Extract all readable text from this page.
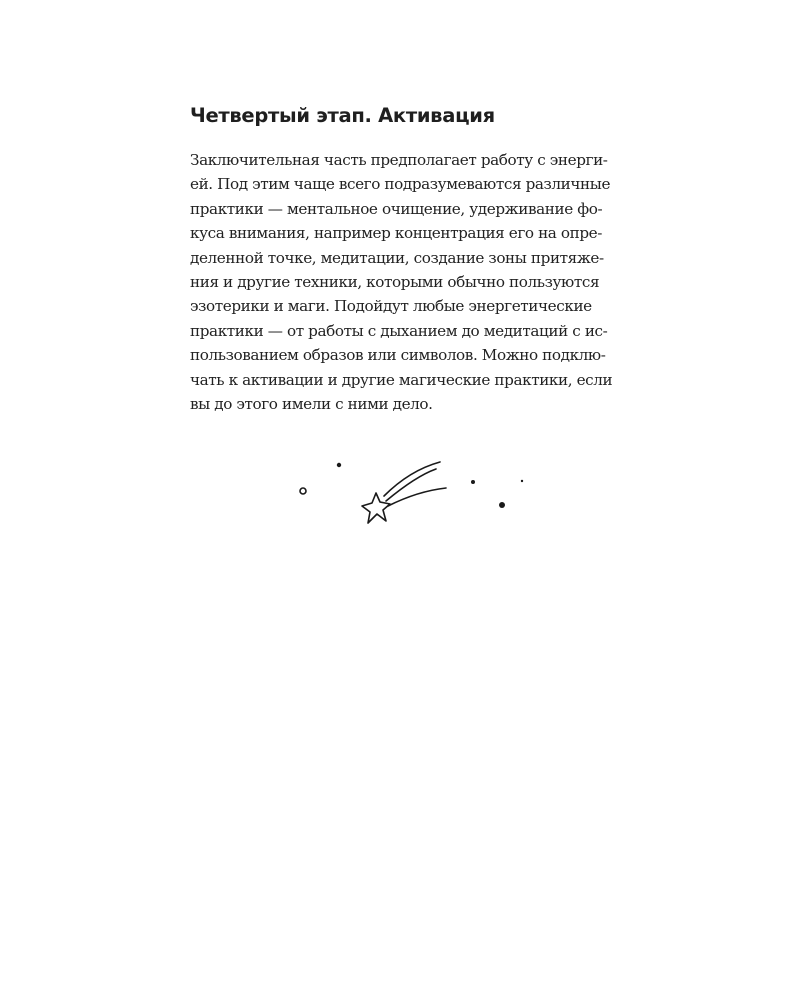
Четвертый этап. Активация

Заключительная часть предполагает работу с энерги-
ей. Под этим чаще всего подразумеваются различные
практики — ментальное очищение, удерживание фо-
куса внимания, например концентрация его на опре-
деленной точке, медитации, создание зоны притяже-
ния и другие техники, которыми обычно пользуются
эзотерики и маги. Подойдут любые энергетические
практики — от работы с дыханием до медитаций с ис-
пользованием образов или символов. Можно подклю-
чать к активации и другие магические практики, если
вы до этого имели с ними дело.
